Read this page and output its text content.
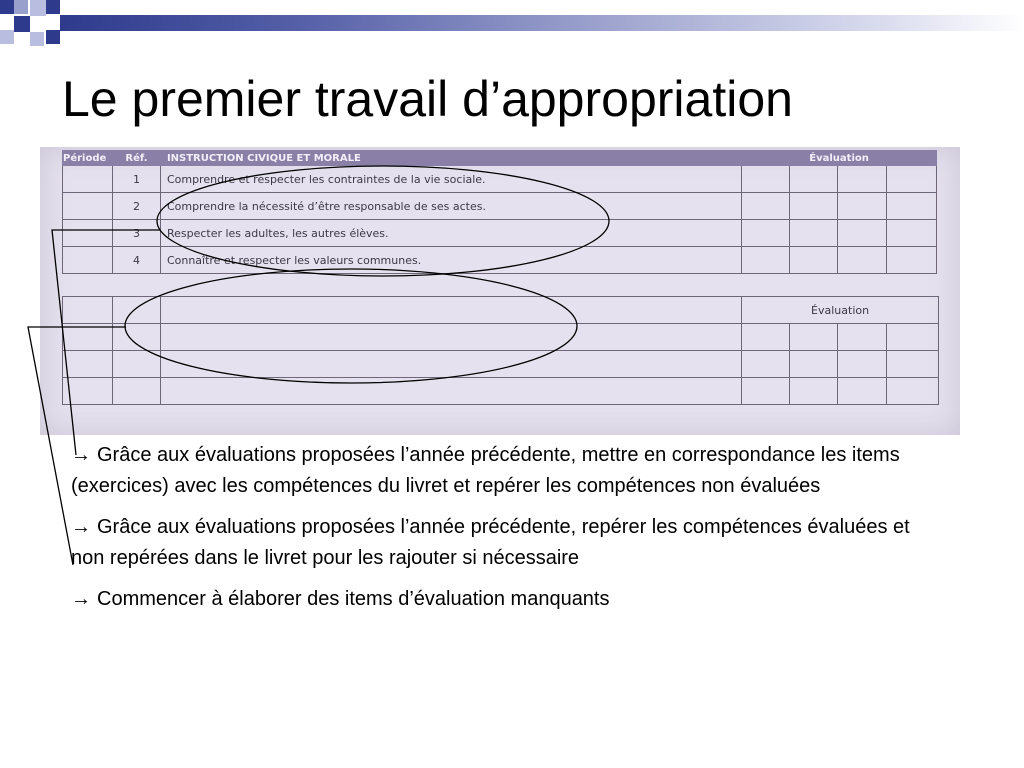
Le premier travail d’appropriation
Période	Réf.	INSTRUCTION CIVIQUE ET MORALE	Évaluation			
	1	Comprendre et respecter les contraintes de la vie sociale.				
	2	Comprendre la nécessité d’être responsable de ses actes.				
	3	Respecter les adultes, les autres élèves.				
	4	Connaître et respecter les valeurs communes.				
			Évaluation			

→ Grâce aux évaluations proposées l’année précédente, mettre en correspondance les items (exercices) avec les compétences du livret et repérer les compétences non évaluées

→ Grâce aux évaluations proposées l’année précédente, repérer les compétences évaluées et non repérées dans le livret pour les rajouter si nécessaire

→ Commencer à élaborer des items d’évaluation manquants
